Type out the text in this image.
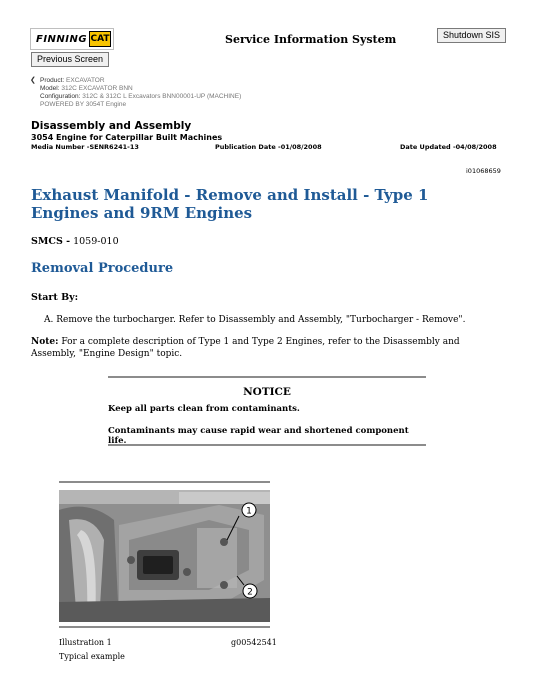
FINNING CAT	Service Information System	Shutdown SIS
Previous Screen
❮ Product: EXCAVATOR
Model: 312C EXCAVATOR BNN
Configuration: 312C & 312C L Excavators BNN00001-UP (MACHINE)
POWERED BY 3054T Engine
Disassembly and Assembly
3054 Engine for Caterpillar Built Machines
Media Number -SENR6241-13	Publication Date -01/08/2008	Date Updated -04/08/2008
i01068659
Exhaust Manifold - Remove and Install - Type 1 Engines and 9RM Engines
SMCS - 1059-010
Removal Procedure
Start By:
A. Remove the turbocharger. Refer to Disassembly and Assembly, "Turbocharger - Remove".
Note: For a complete description of Type 1 and Type 2 Engines, refer to the Disassembly and Assembly, "Engine Design" topic.
NOTICE
Keep all parts clean from contaminants.
Contaminants may cause rapid wear and shortened component life.
1
2
Illustration 1	g00542541
Typical example
